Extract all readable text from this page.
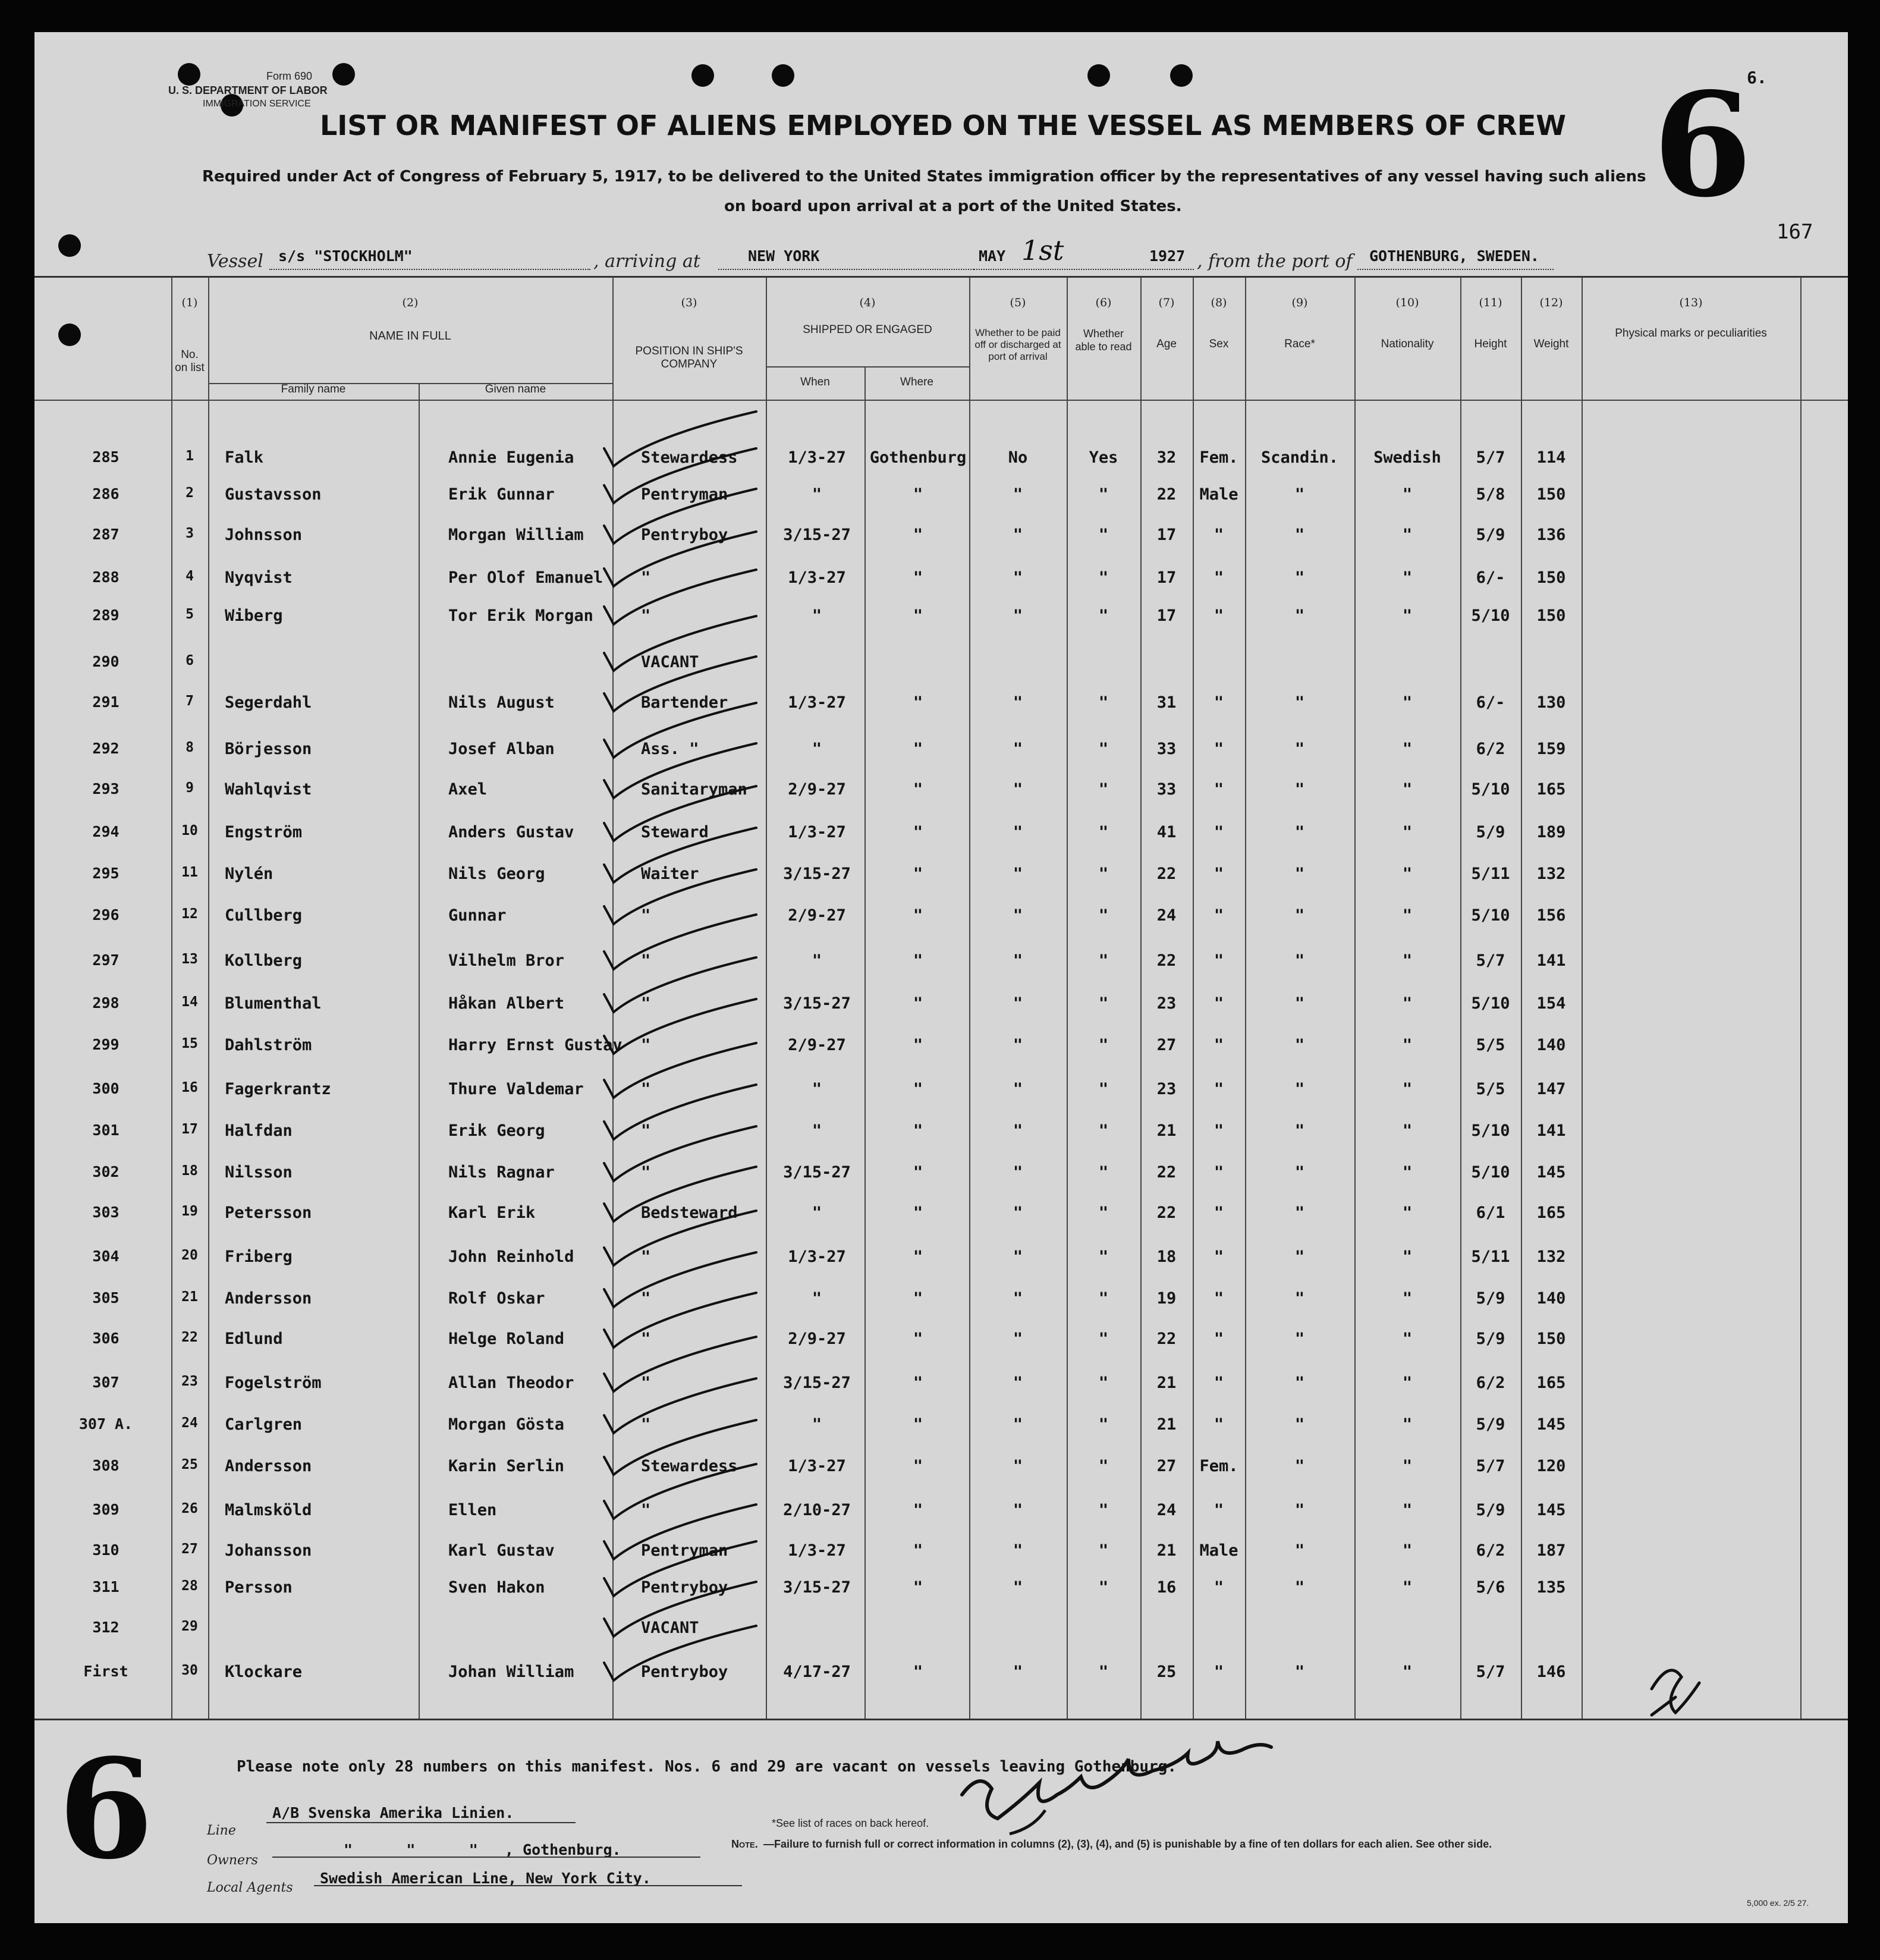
Form 690
U. S. DEPARTMENT OF LABOR
IMMIGRATION SERVICE
LIST OR MANIFEST OF ALIENS EMPLOYED ON THE VESSEL AS MEMBERS OF CREW
Required under Act of Congress of February 5, 1917, to be delivered to the United States immigration officer by the representatives of any vessel having such aliens
on board upon arrival at a port of the United States.
6.
6
167
Vessel s/s "STOCKHOLM"	, arriving at	NEW YORK	MAY 1st	1927 , from the port of GOTHENBURG, SWEDEN.
(1)	(2)	(3)	(4)	(5)	(6)	(7)	(8)	(9)	(10)	(11)	(12)	(13)
No. on list
NAME IN FULL
Family name	Given name
POSITION IN SHIP'S COMPANY
SHIPPED OR ENGAGED
When	Where
Whether to be paid off or discharged at port of arrival
Whether able to read	Age	Sex	Race*	Nationality	Height	Weight
Physical marks or peculiarities
285	1	Falk	Annie Eugenia	Stewardess	1/3-27	Gothenburg	No	Yes	32	Fem.	Scandin.	Swedish	5/7	114
286	2	Gustavsson	Erik Gunnar	Pentryman	"	"	"	"	22	Male	"	"	5/8	150
287	3	Johnsson	Morgan William	Pentryboy	3/15-27	"	"	"	17	"	"	"	5/9	136
288	4	Nyqvist	Per Olof Emanuel	"	1/3-27	"	"	"	17	"	"	"	6/-	150
289	5	Wiberg	Tor Erik Morgan	"	"	"	"	"	17	"	"	"	5/10	150
290	6	VACANT
291	7	Segerdahl	Nils August	Bartender	1/3-27	"	"	"	31	"	"	"	6/-	130
292	8	Börjesson	Josef Alban	Ass. "	"	"	"	"	33	"	"	"	6/2	159
293	9	Wahlqvist	Axel	Sanitaryman	2/9-27	"	"	"	33	"	"	"	5/10	165
294	10	Engström	Anders Gustav	Steward	1/3-27	"	"	"	41	"	"	"	5/9	189
295	11	Nylén	Nils Georg	Waiter	3/15-27	"	"	"	22	"	"	"	5/11	132
296	12	Cullberg	Gunnar	"	2/9-27	"	"	"	24	"	"	"	5/10	156
297	13	Kollberg	Vilhelm Bror	"	"	"	"	"	22	"	"	"	5/7	141
298	14	Blumenthal	Håkan Albert	"	3/15-27	"	"	"	23	"	"	"	5/10	154
299	15	Dahlström	Harry Ernst Gustav "	2/9-27	"	"	"	27	"	"	"	5/5	140
300	16	Fagerkrantz	Thure Valdemar	"	"	"	"	"	23	"	"	"	5/5	147
301	17	Halfdan	Erik Georg	"	"	"	"	"	21	"	"	"	5/10	141
302	18	Nilsson	Nils Ragnar	"	3/15-27	"	"	"	22	"	"	"	5/10	145
303	19	Petersson	Karl Erik	Bedsteward	"	"	"	"	22	"	"	"	6/1	165
304	20	Friberg	John Reinhold	"	1/3-27	"	"	"	18	"	"	"	5/11	132
305	21	Andersson	Rolf Oskar	"	"	"	"	"	19	"	"	"	5/9	140
306	22	Edlund	Helge Roland	"	2/9-27	"	"	"	22	"	"	"	5/9	150
307	23	Fogelström	Allan Theodor	"	3/15-27	"	"	"	21	"	"	"	6/2	165
307 A.	24	Carlgren	Morgan Gösta	"	"	"	"	"	21	"	"	"	5/9	145
308	25	Andersson	Karin Serlin	Stewardess	1/3-27	"	"	"	27	Fem.	"	"	5/7	120
309	26	Malmsköld	Ellen	"	2/10-27	"	"	"	24	"	"	"	5/9	145
310	27	Johansson	Karl Gustav	Pentryman	1/3-27	"	"	"	21	Male	"	"	6/2	187
311	28	Persson	Sven Hakon	Pentryboy	3/15-27	"	"	"	16	"	"	"	5/6	135
312	29	VACANT
First	30	Klockare	Johan William	Pentryboy	4/17-27	"	"	"	25	"	"	"	5/7	146
Please note only 28 numbers on this manifest. Nos. 6 and 29 are vacant on vessels leaving Gothenburg.
6	Line
A/B Svenska Amerika Linien.
Owners
"      "      "   , Gothenburg.
Local Agents
Swedish American Line, New York City.
*See list of races on back hereof.
Note. —Failure to furnish full or correct information in columns (2), (3), (4), and (5) is punishable by a fine of ten dollars for each alien. See other side.
5,000 ex. 2/5 27.
